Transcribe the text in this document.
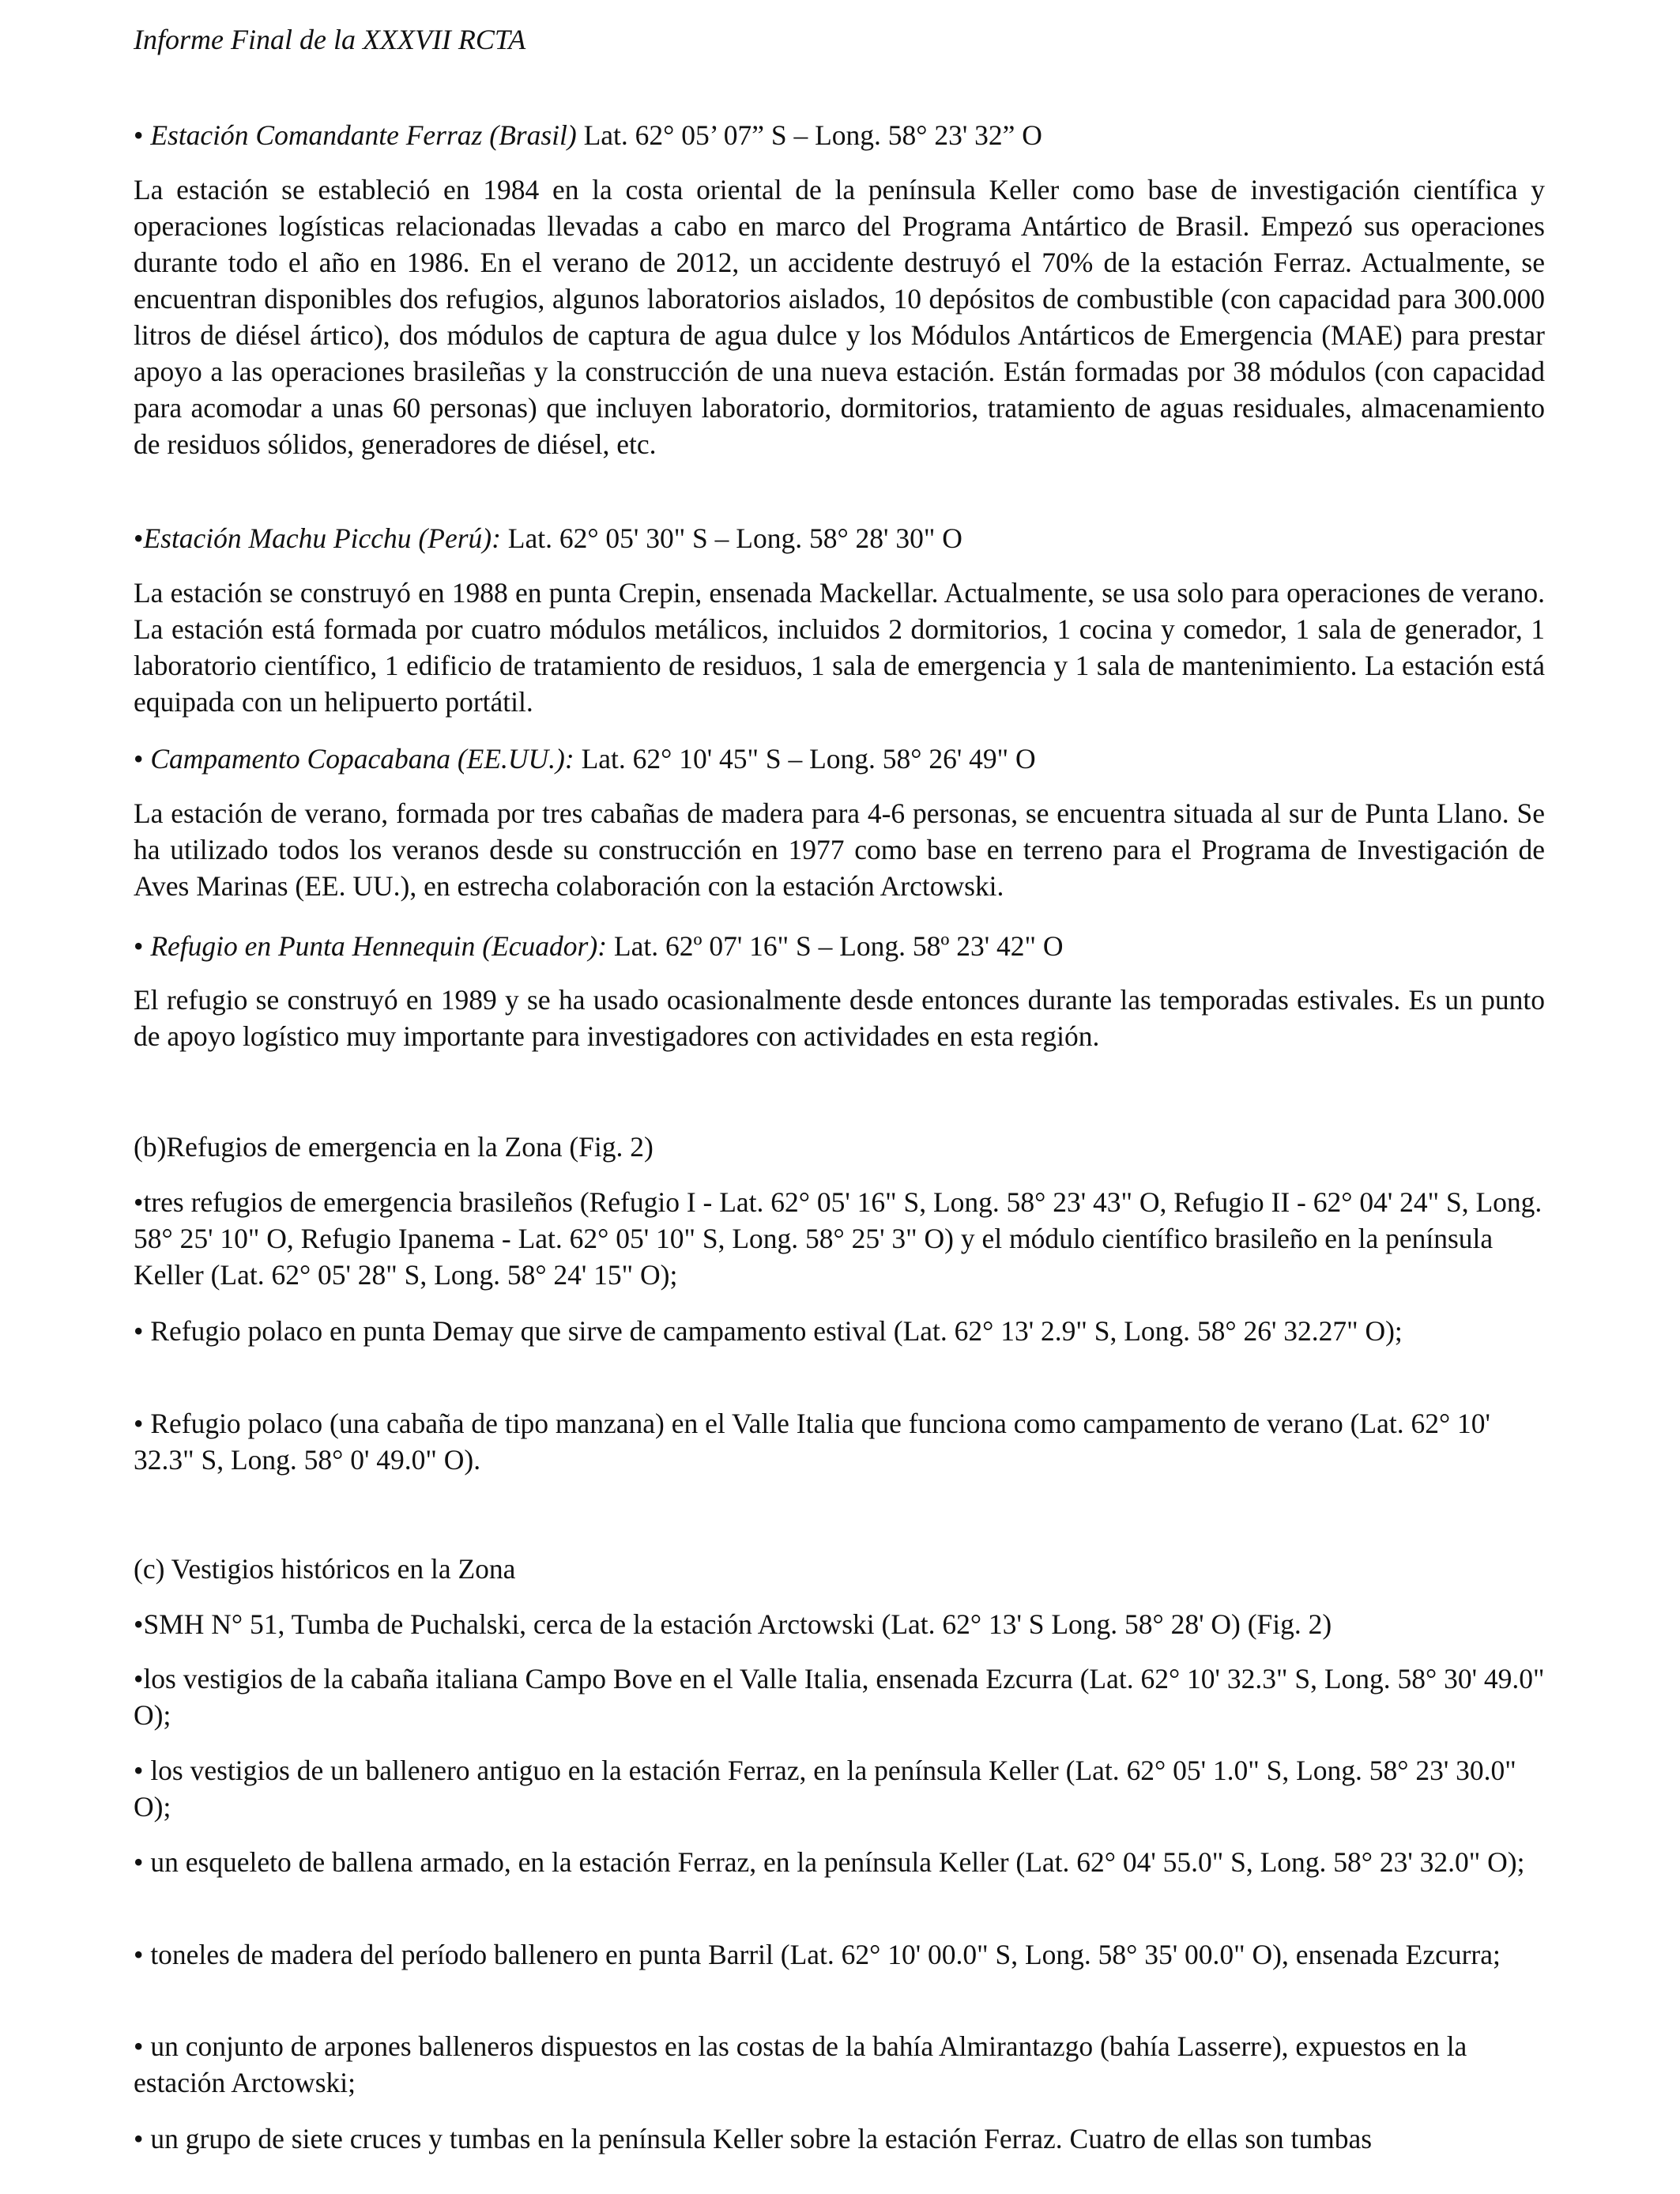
Informe Final de la XXXVII RCTA
• Estación Comandante Ferraz (Brasil) Lat. 62° 05’ 07” S ‒ Long. 58° 23' 32” O

La estación se estableció en 1984 en la costa oriental de la península Keller como base de investigación científica y operaciones logísticas relacionadas llevadas a cabo en marco del Programa Antártico de Brasil. Empezó sus operaciones durante todo el año en 1986. En el verano de 2012, un accidente destruyó el 70% de la estación Ferraz. Actualmente, se encuentran disponibles dos refugios, algunos laboratorios aislados, 10 depósitos de combustible (con capacidad para 300.000 litros de diésel ártico), dos módulos de captura de agua dulce y los Módulos Antárticos de Emergencia (MAE) para prestar apoyo a las operaciones brasileñas y la construcción de una nueva estación. Están formadas por 38 módulos (con capacidad para acomodar a unas 60 personas) que incluyen laboratorio, dormitorios, tratamiento de aguas residuales, almacenamiento de residuos sólidos, generadores de diésel, etc.

•Estación Machu Picchu (Perú): Lat. 62° 05' 30" S – Long. 58° 28' 30" O

La estación se construyó en 1988 en punta Crepin, ensenada Mackellar. Actualmente, se usa solo para operaciones de verano. La estación está formada por cuatro módulos metálicos, incluidos 2 dormitorios, 1 cocina y comedor, 1 sala de generador, 1 laboratorio científico, 1 edificio de tratamiento de residuos, 1 sala de emergencia y 1 sala de mantenimiento. La estación está equipada con un helipuerto portátil.

• Campamento Copacabana (EE.UU.): Lat. 62° 10' 45" S – Long. 58° 26' 49" O

La estación de verano, formada por tres cabañas de madera para 4-6 personas, se encuentra situada al sur de Punta Llano. Se ha utilizado todos los veranos desde su construcción en 1977 como base en terreno para el Programa de Investigación de Aves Marinas (EE. UU.), en estrecha colaboración con la estación Arctowski.

• Refugio en Punta Hennequin (Ecuador): Lat. 62º 07' 16" S – Long. 58º 23' 42" O

El refugio se construyó en 1989 y se ha usado ocasionalmente desde entonces durante las temporadas estivales. Es un punto de apoyo logístico muy importante para investigadores con actividades en esta región.

(b)Refugios de emergencia en la Zona (Fig. 2)

•tres refugios de emergencia brasileños (Refugio I - Lat. 62° 05' 16" S, Long. 58° 23' 43" O, Refugio II - 62° 04' 24" S, Long. 58° 25' 10" O, Refugio Ipanema - Lat. 62° 05' 10" S, Long. 58° 25' 3" O) y el módulo científico brasileño en la península Keller (Lat. 62° 05' 28" S, Long. 58° 24' 15" O);

• Refugio polaco en punta Demay que sirve de campamento estival (Lat. 62° 13' 2.9" S, Long. 58° 26' 32.27" O);

• Refugio polaco (una cabaña de tipo manzana) en el Valle Italia que funciona como campamento de verano (Lat. 62° 10' 32.3" S, Long. 58° 0' 49.0" O).

(c) Vestigios históricos en la Zona

•SMH N° 51, Tumba de Puchalski, cerca de la estación Arctowski (Lat. 62° 13' S Long. 58° 28' O) (Fig. 2)

•los vestigios de la cabaña italiana Campo Bove en el Valle Italia, ensenada Ezcurra (Lat. 62° 10' 32.3" S, Long. 58° 30' 49.0" O);

• los vestigios de un ballenero antiguo en la estación Ferraz, en la península Keller (Lat. 62° 05' 1.0" S, Long. 58° 23' 30.0" O);

• un esqueleto de ballena armado, en la estación Ferraz, en la península Keller (Lat. 62° 04' 55.0" S, Long. 58° 23' 32.0" O);

• toneles de madera del período ballenero en punta Barril (Lat. 62° 10' 00.0" S, Long. 58° 35' 00.0" O), ensenada Ezcurra;

• un conjunto de arpones balleneros dispuestos en las costas de la bahía Almirantazgo (bahía Lasserre), expuestos en la estación Arctowski;

• un grupo de siete cruces y tumbas en la península Keller sobre la estación Ferraz. Cuatro de ellas son tumbas
